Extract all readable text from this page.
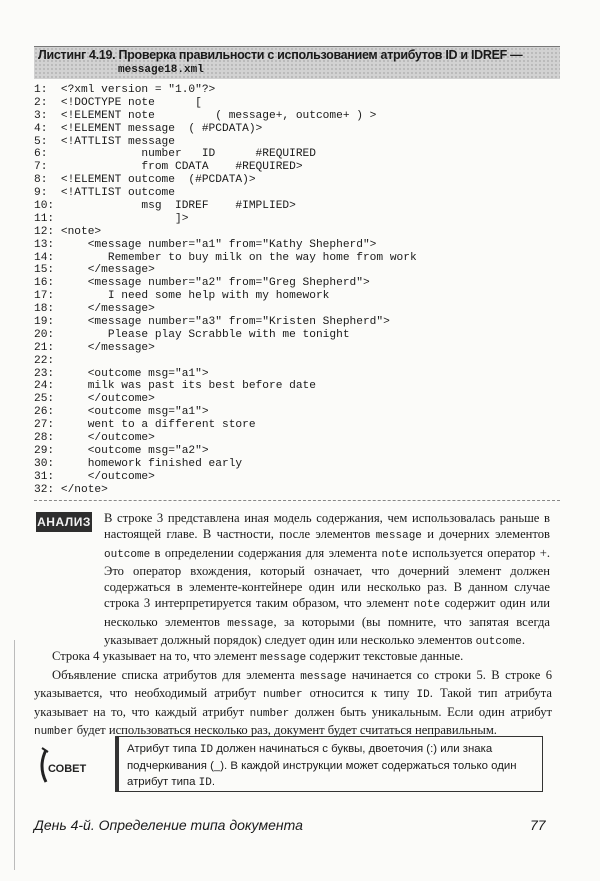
Листинг 4.19. Проверка правильности с использованием атрибутов ID и IDREF —
message18.xml
1:  <?xml version = "1.0"?>
2:  <!DOCTYPE note      [
3:  <!ELEMENT note         ( message+, outcome+ ) >
4:  <!ELEMENT message  ( #PCDATA)>
5:  <!ATTLIST message
6:              number   ID      #REQUIRED
7:              from CDATA    #REQUIRED>
8:  <!ELEMENT outcome  (#PCDATA)>
9:  <!ATTLIST outcome
10:             msg  IDREF    #IMPLIED>
11:                  ]>
12: <note>
13:     <message number="a1" from="Kathy Shepherd">
14:        Remember to buy milk on the way home from work
15:     </message>
16:     <message number="a2" from="Greg Shepherd">
17:        I need some help with my homework
18:     </message>
19:     <message number="a3" from="Kristen Shepherd">
20:        Please play Scrabble with me tonight
21:     </message>
22:
23:     <outcome msg="a1">
24:     milk was past its best before date
25:     </outcome>
26:     <outcome msg="a1">
27:     went to a different store
28:     </outcome>
29:     <outcome msg="a2">
30:     homework finished early
31:     </outcome>
32: </note>
АНАЛИЗ В строке 3 представлена иная модель содержания, чем использовалась раньше в настоящей главе. В частности, после элементов message и дочерних элементов outcome в определении содержания для элемента note используется оператор +. Это оператор вхождения, который означает, что дочерний элемент должен содержаться в элементе-контейнере один или несколько раз. В данном случае строка 3 интерпретируется таким образом, что элемент note содержит один или несколько элементов message, за которыми (вы помните, что запятая всегда указывает должный порядок) следует один или несколько элементов outcome.

Строка 4 указывает на то, что элемент message содержит текстовые данные.

Объявление списка атрибутов для элемента message начинается со строки 5. В строке 6 указывается, что необходимый атрибут number относится к типу ID. Такой тип атрибута указывает на то, что каждый атрибут number должен быть уникальным. Если один атрибут number будет использоваться несколько раз, документ будет считаться неправильным.

СОВЕТ
Атрибут типа ID должен начинаться с буквы, двоеточия (:) или знака подчеркивания (_). В каждой инструкции может содержаться только один атрибут типа ID.
День 4-й. Определение типа документа	77
